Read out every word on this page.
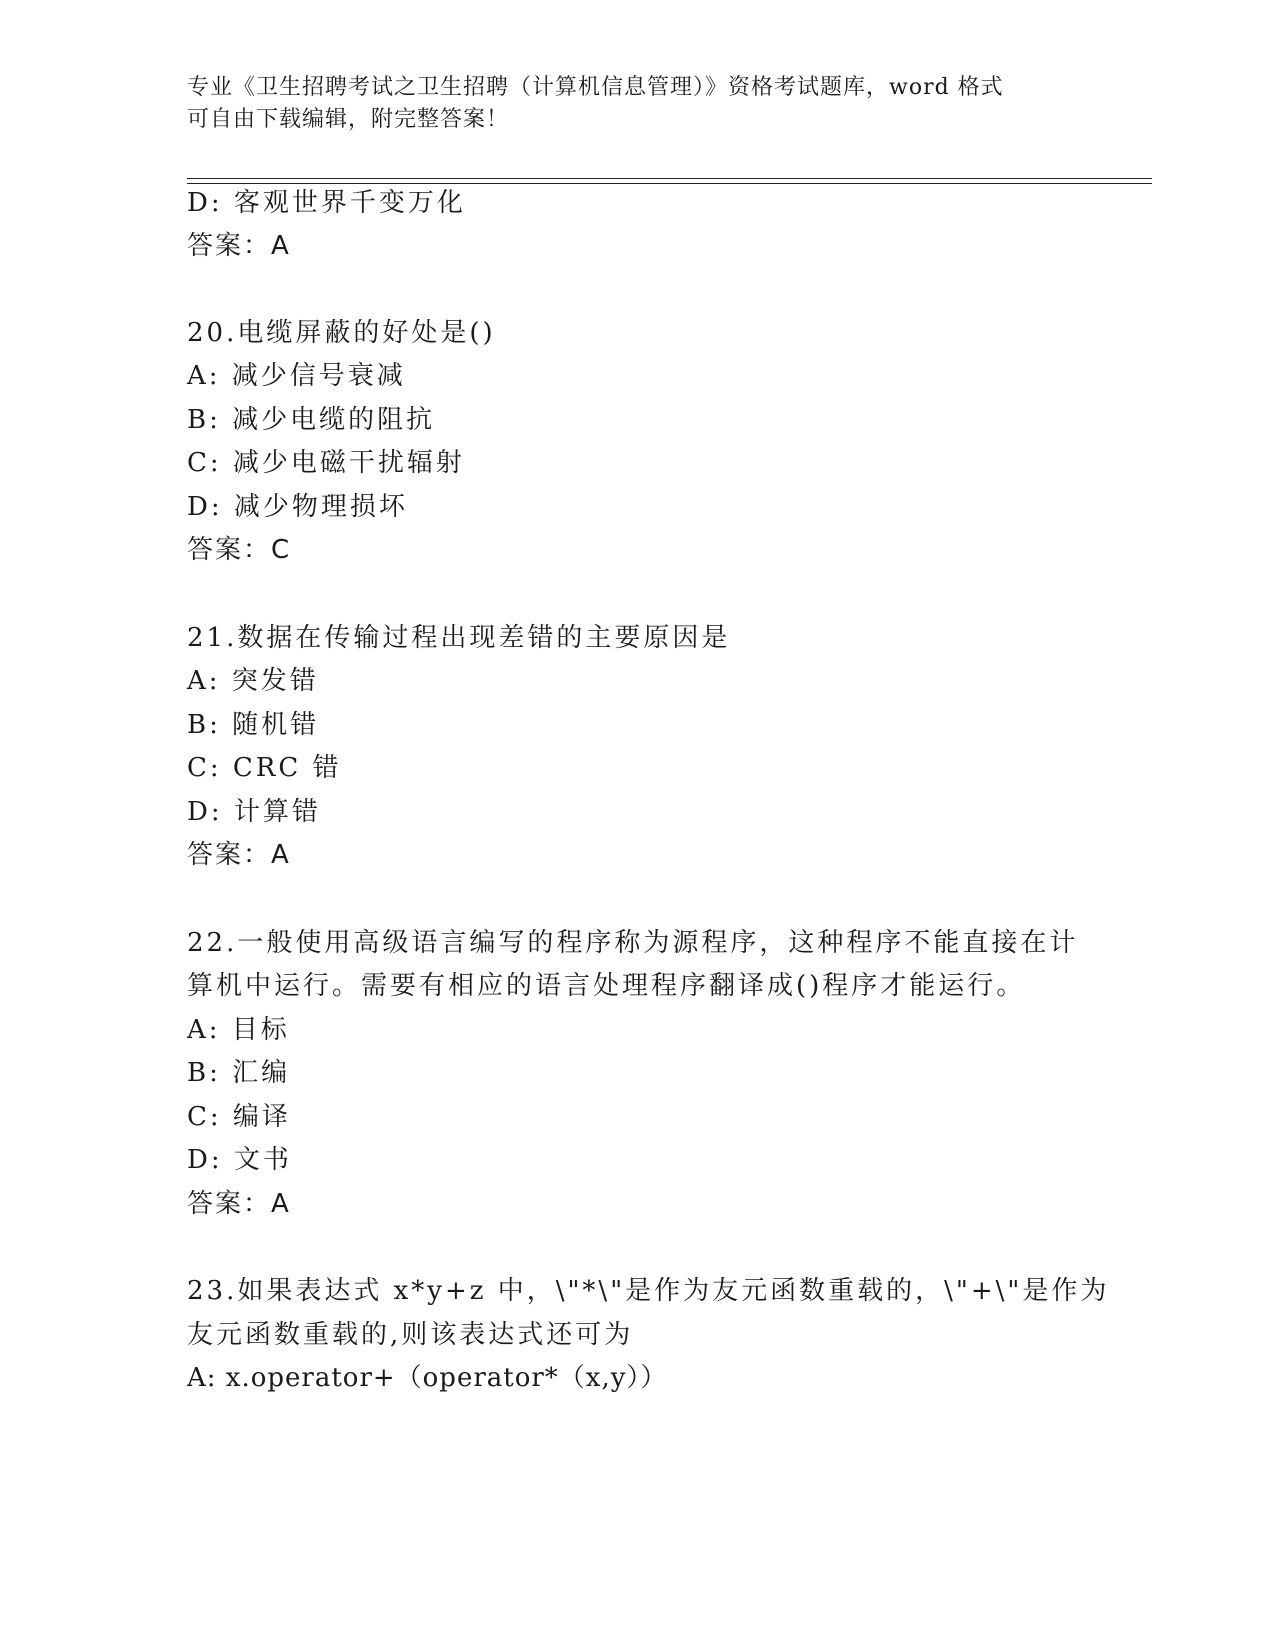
专业《卫生招聘考试之卫生招聘（计算机信息管理）》资格考试题库，word 格式
可自由下载编辑，附完整答案！
D: 客观世界千变万化
答案：A
20.电缆屏蔽的好处是()
A: 减少信号衰减
B: 减少电缆的阻抗
C: 减少电磁干扰辐射
D: 减少物理损坏
答案：C
21.数据在传输过程出现差错的主要原因是
A: 突发错
B: 随机错
C: CRC 错
D: 计算错
答案：A
22.一般使用高级语言编写的程序称为源程序，这种程序不能直接在计
算机中运行。需要有相应的语言处理程序翻译成()程序才能运行。
A: 目标
B: 汇编
C: 编译
D: 文书
答案：A
23.如果表达式 x*y+z 中，\"*\"是作为友元函数重载的，\"+\"是作为
友元函数重载的,则该表达式还可为
A: x.operator+（operator*（x,y））
